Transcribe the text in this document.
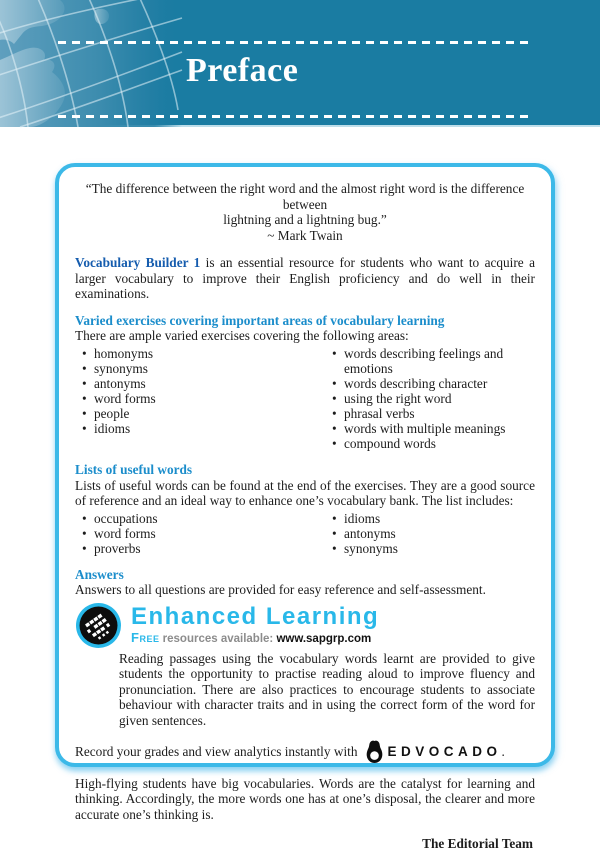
Preface
“The difference between the right word and the almost right word is the difference between
lightning and a lightning bug.”
~ Mark Twain
Vocabulary Builder 1 is an essential resource for students who want to acquire a larger vocabulary to improve their English proficiency and do well in their examinations.
Varied exercises covering important areas of vocabulary learning
There are ample varied exercises covering the following areas:
• homonyms
• synonyms
• antonyms
• word forms
• people
• idioms
• words describing feelings and emotions
• words describing character
• using the right word
• phrasal verbs
• words with multiple meanings
• compound words
Lists of useful words
Lists of useful words can be found at the end of the exercises. They are a good source of reference and an ideal way to enhance one’s vocabulary bank. The list includes:
• occupations
• word forms
• proverbs
• idioms
• antonyms
• synonyms
Answers
Answers to all questions are provided for easy reference and self-assessment.
Enhanced Learning
Free resources available: www.sapgrp.com
Reading passages using the vocabulary words learnt are provided to give students the opportunity to practise reading aloud to improve fluency and pronunciation. There are also practices to encourage students to associate behaviour with character traits and in using the correct form of the word for given sentences.
Record your grades and view analytics instantly with EDVOCADO .
High-flying students have big vocabularies. Words are the catalyst for learning and thinking. Accordingly, the more words one has at one’s disposal, the clearer and more accurate one’s thinking is.
The Editorial Team
